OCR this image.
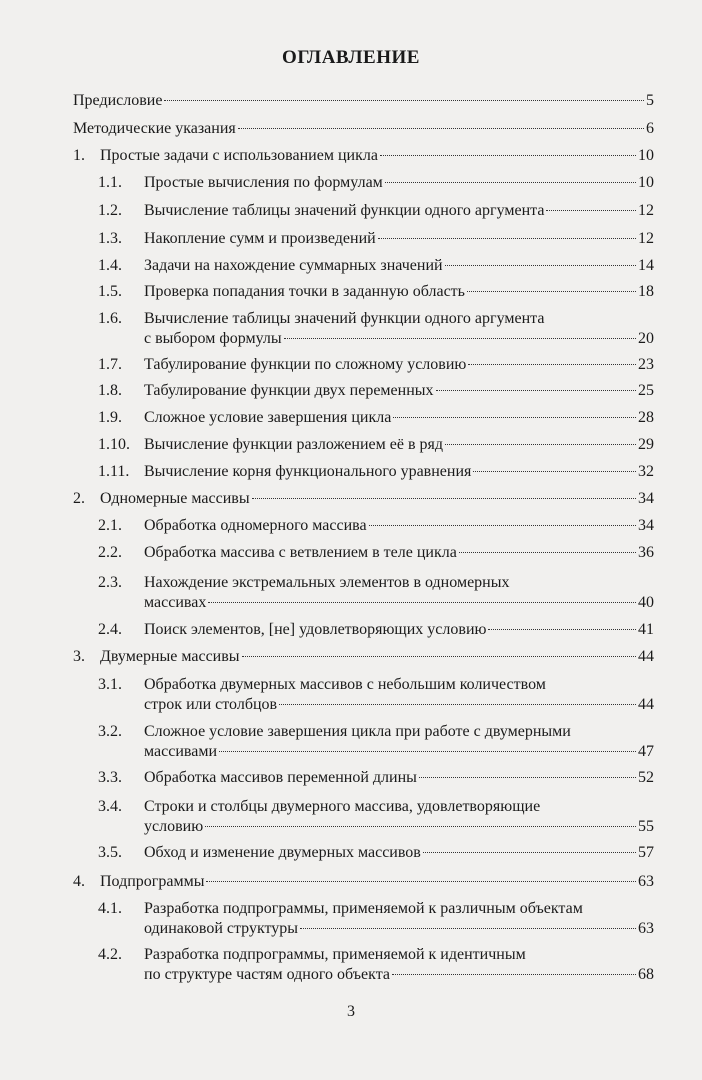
ОГЛАВЛЕНИЕ
Предисловие	5
Методические указания	6
1. Простые задачи с использованием цикла	10
1.1.	Простые вычисления по формулам	10
1.2.	Вычисление таблицы значений функции одного аргумента	12
1.3.	Накопление сумм и произведений	12
1.4.	Задачи на нахождение суммарных значений	14
1.5.	Проверка попадания точки в заданную область	18
1.6.	Вычисление таблицы значений функции одного аргумента
с выбором формулы	20
1.7.	Табулирование функции по сложному условию	23
1.8.	Табулирование функции двух переменных	25
1.9.	Сложное условие завершения цикла	28
1.10. Вычисление функции разложением её в ряд	29
1.11. Вычисление корня функционального уравнения	32
2. Одномерные массивы	34
2.1.	Обработка одномерного массива	34
2.2.	Обработка массива с ветвлением в теле цикла	36
2.3.	Нахождение экстремальных элементов в одномерных
массивах	40
2.4.	Поиск элементов, [не] удовлетворяющих условию	41
3. Двумерные массивы	44
3.1.	Обработка двумерных массивов с небольшим количеством
строк или столбцов	44
3.2.	Сложное условие завершения цикла при работе с двумерными
массивами	47
3.3.	Обработка массивов переменной длины	52
3.4.	Строки и столбцы двумерного массива, удовлетворяющие
условию	55
3.5.	Обход и изменение двумерных массивов	57
4. Подпрограммы	63
4.1.	Разработка подпрограммы, применяемой к различным объектам
одинаковой структуры	63
4.2.	Разработка подпрограммы, применяемой к идентичным
по структуре частям одного объекта	68
3
